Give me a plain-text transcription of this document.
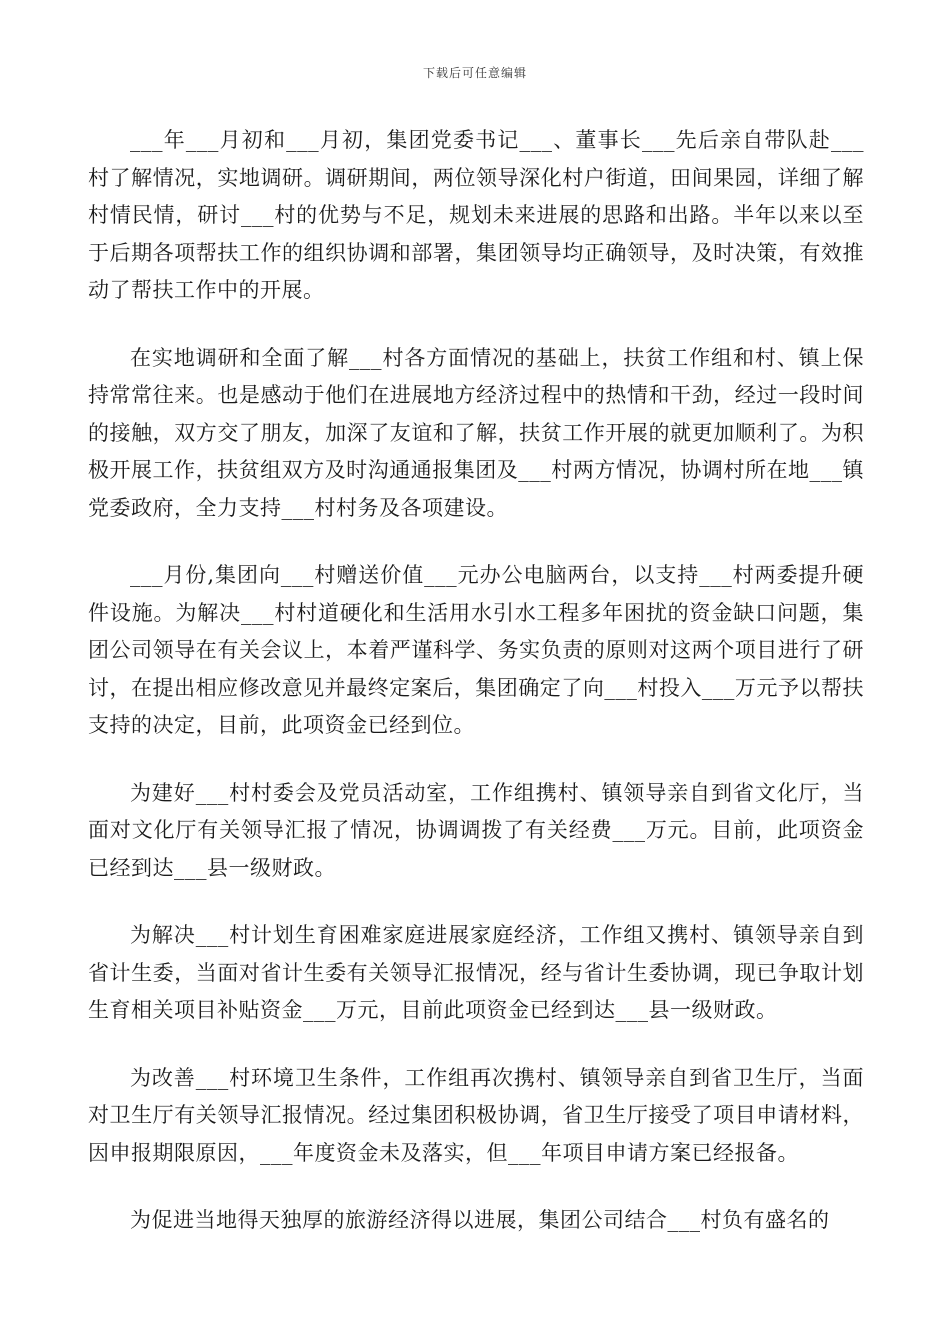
下载后可任意编辑

___年___月初和___月初，集团党委书记___、董事长___先后亲自带队赴___村了解情况，实地调研。调研期间，两位领导深化村户街道，田间果园，详细了解村情民情，研讨___村的优势与不足，规划未来进展的思路和出路。半年以来以至于后期各项帮扶工作的组织协调和部署，集团领导均正确领导，及时决策，有效推动了帮扶工作中的开展。

在实地调研和全面了解___村各方面情况的基础上，扶贫工作组和村、镇上保持常常往来。也是感动于他们在进展地方经济过程中的热情和干劲，经过一段时间的接触，双方交了朋友，加深了友谊和了解，扶贫工作开展的就更加顺利了。为积极开展工作，扶贫组双方及时沟通通报集团及___村两方情况，协调村所在地___镇党委政府，全力支持___村村务及各项建设。

___月份,集团向___村赠送价值___元办公电脑两台，以支持___村两委提升硬件设施。为解决___村村道硬化和生活用水引水工程多年困扰的资金缺口问题，集团公司领导在有关会议上，本着严谨科学、务实负责的原则对这两个项目进行了研讨，在提出相应修改意见并最终定案后，集团确定了向___村投入___万元予以帮扶支持的决定，目前，此项资金已经到位。

为建好___村村委会及党员活动室，工作组携村、镇领导亲自到省文化厅，当面对文化厅有关领导汇报了情况，协调调拨了有关经费___万元。目前，此项资金已经到达___县一级财政。

为解决___村计划生育困难家庭进展家庭经济，工作组又携村、镇领导亲自到省计生委，当面对省计生委有关领导汇报情况，经与省计生委协调，现已争取计划生育相关项目补贴资金___万元，目前此项资金已经到达___县一级财政。

为改善___村环境卫生条件，工作组再次携村、镇领导亲自到省卫生厅，当面对卫生厅有关领导汇报情况。经过集团积极协调，省卫生厅接受了项目申请材料，因申报期限原因，___年度资金未及落实，但___年项目申请方案已经报备。

为促进当地得天独厚的旅游经济得以进展，集团公司结合___村负有盛名的
